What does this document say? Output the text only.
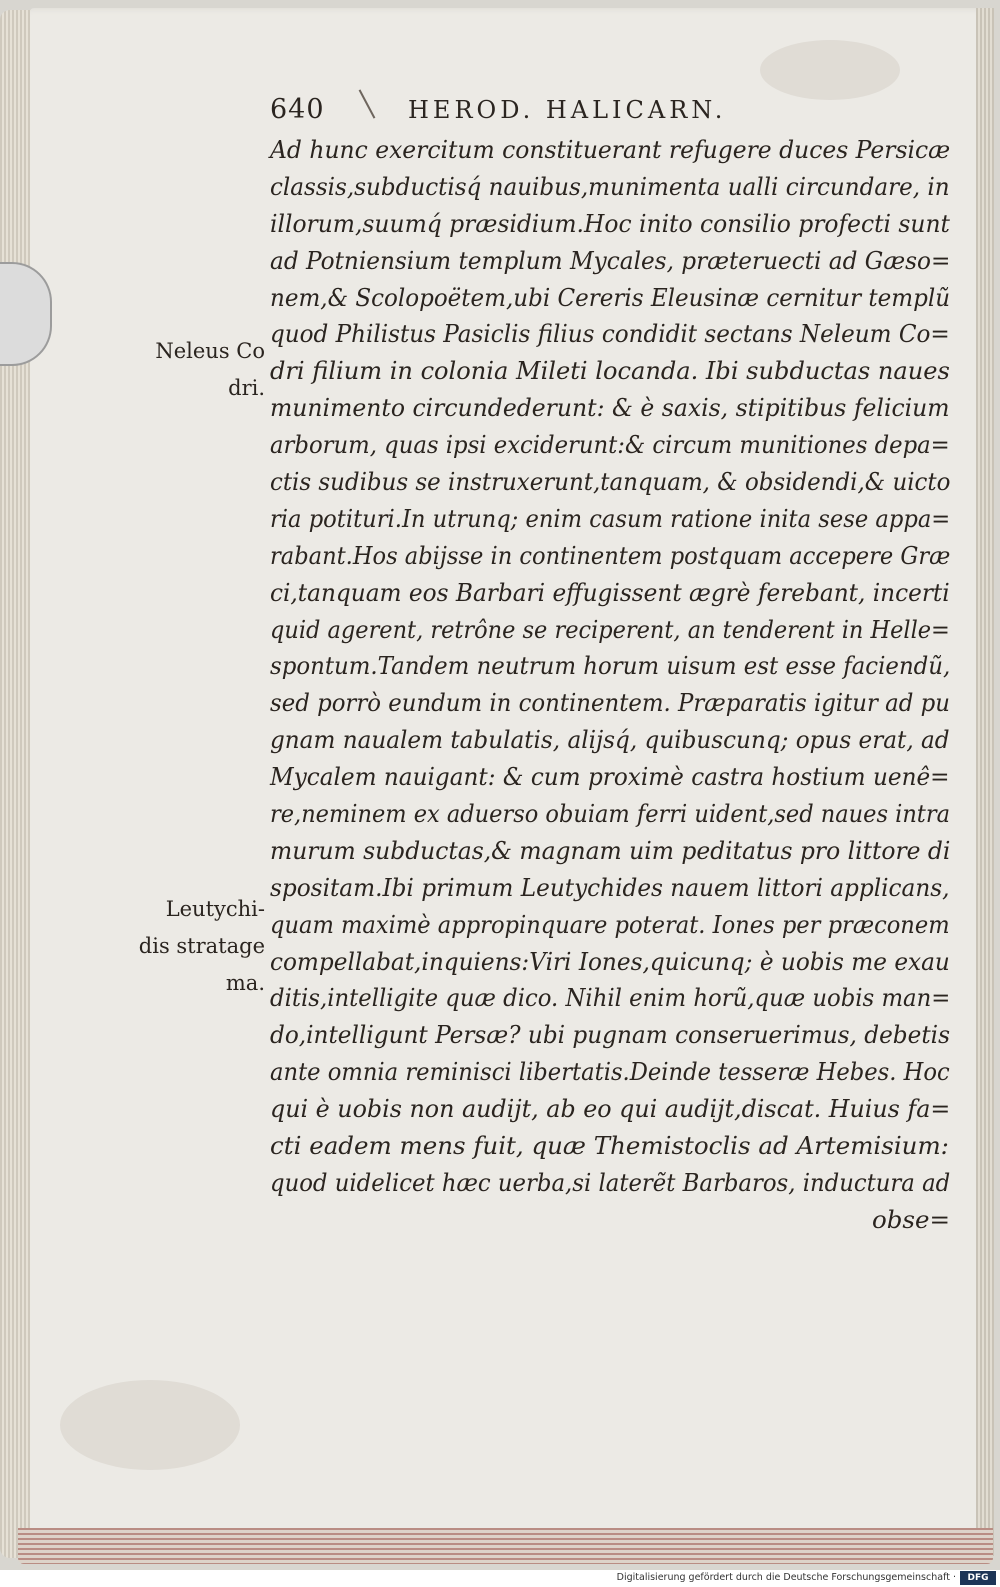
640	HEROD. HALICARN.
Ad hunc exercitum constituerant refugere duces Persicæ
classis,subductisq́ nauibus,munimenta ualli circundare, in
illorum,suumq́ præsidium.Hoc inito consilio profecti sunt
ad Potniensium templum Mycales, præteruecti ad Gæso=
nem,& Scolopoëtem,ubi Cereris Eleusinæ cernitur templũ
quod Philistus Pasiclis filius condidit sectans Neleum Co=
dri filium in colonia Mileti locanda. Ibi subductas naues
munimento circundederunt: & è saxis, stipitibus felicium
arborum, quas ipsi exciderunt:& circum munitiones depa=
ctis sudibus se instruxerunt,tanquam, & obsidendi,& uicto
ria potituri.In utrunq; enim casum ratione inita sese appa=
rabant.Hos abijsse in continentem postquam accepere Græ
ci,tanquam eos Barbari effugissent ægrè ferebant, incerti
quid agerent, retrône se reciperent, an tenderent in Helle=
spontum.Tandem neutrum horum uisum est esse faciendũ,
sed porrò eundum in continentem. Præparatis igitur ad pu
gnam naualem tabulatis, alijsq́, quibuscunq; opus erat, ad
Mycalem nauigant: & cum proximè castra hostium uenê=
re,neminem ex aduerso obuiam ferri uident,sed naues intra
murum subductas,& magnam uim peditatus pro littore di
spositam.Ibi primum Leutychides nauem littori applicans,
quam maximè appropinquare poterat. Iones per præconem
compellabat,inquiens:Viri Iones,quicunq; è uobis me exau
ditis,intelligite quæ dico. Nihil enim horũ,quæ uobis man=
do,intelligunt Persæ? ubi pugnam conseruerimus, debetis
ante omnia reminisci libertatis.Deinde tesseræ Hebes. Hoc
qui è uobis non audijt, ab eo qui audijt,discat. Huius fa=
cti eadem mens fuit, quæ Themistoclis ad Artemisium:
quod uidelicet hæc uerba,si laterẽt Barbaros, inductura ad
obse=
Neleus Co
dri.
Leutychi-
dis stratage
ma.
Digitalisierung gefördert durch die Deutsche Forschungsgemeinschaft ·	DFG
